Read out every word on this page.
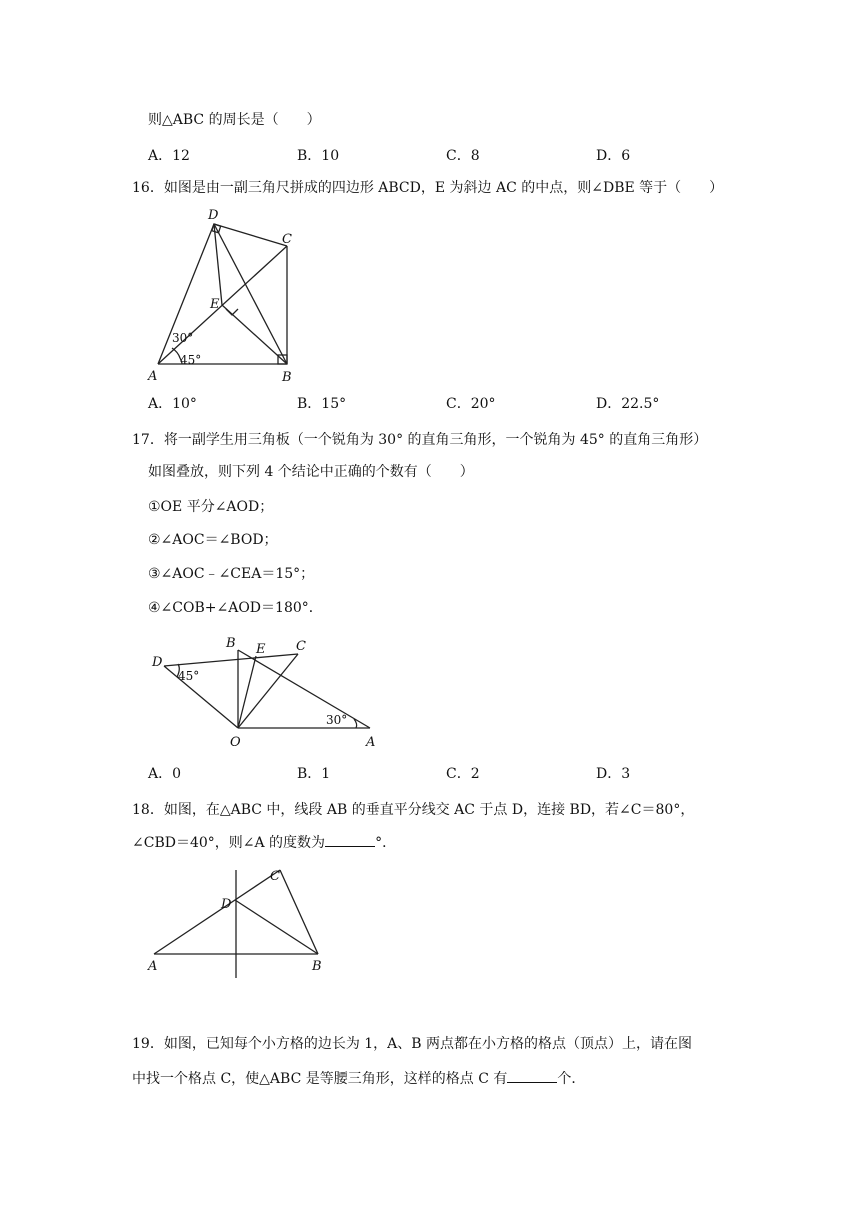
则△ABC 的周长是（　　）
A．12	B．10	C．8	D．6
16．如图是由一副三角尺拼成的四边形 ABCD，E 为斜边 AC 的中点，则∠DBE 等于（　　）
D
C
E
A	B
30°
45°
A．10°	B．15°	C．20°	D．22.5°
17．将一副学生用三角板（一个锐角为 30° 的直角三角形，一个锐角为 45° 的直角三角形）
如图叠放，则下列 4 个结论中正确的个数有（　　）
①OE 平分∠AOD；
②∠AOC＝∠BOD；
③∠AOC﹣∠CEA＝15°；
④∠COB+∠AOD＝180°．
D
B E C
O	A
45°
30°
A．0	B．1	C．2	D．3
18．如图，在△ABC 中，线段 AB 的垂直平分线交 AC 于点 D，连接 BD，若∠C＝80°，
∠CBD＝40°，则∠A 的度数为	°．
A	B
C
D
19．如图，已知每个小方格的边长为 1，A、B 两点都在小方格的格点（顶点）上，请在图
中找一个格点 C，使△ABC 是等腰三角形，这样的格点 C 有	个．
